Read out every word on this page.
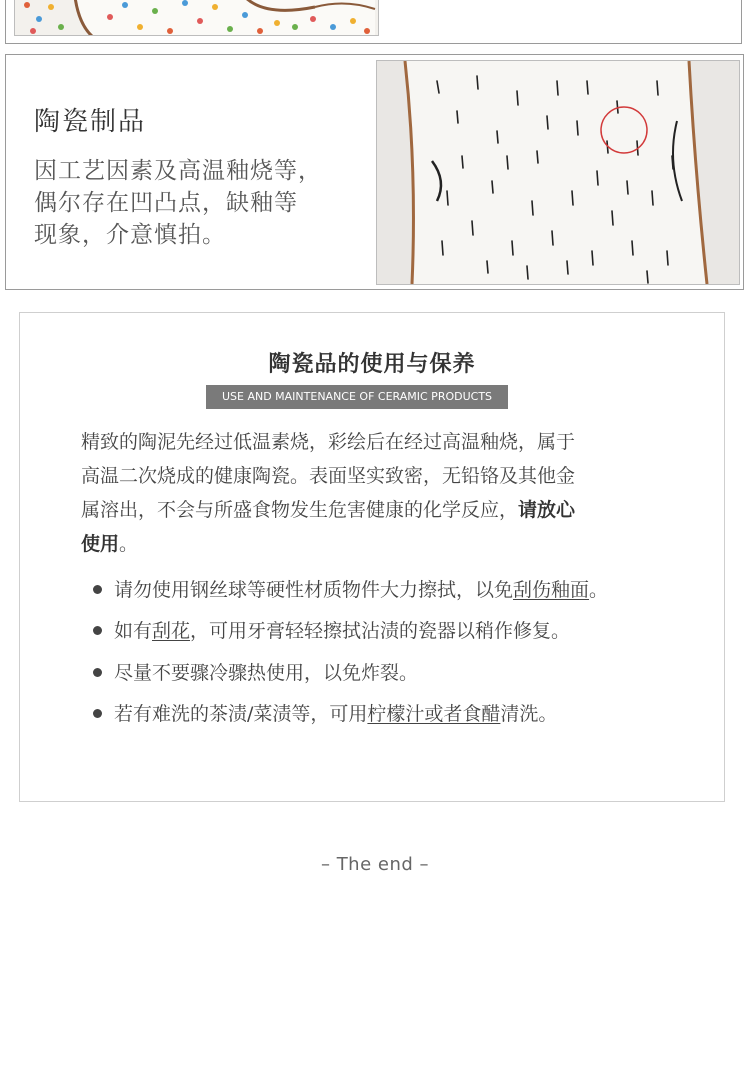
陶瓷制品
因工艺因素及高温釉烧等，
偶尔存在凹凸点，缺釉等
现象，介意慎拍。
陶瓷品的使用与保养
USE AND MAINTENANCE OF CERAMIC PRODUCTS
精致的陶泥先经过低温素烧，彩绘后在经过高温釉烧，属于
高温二次烧成的健康陶瓷。表面坚实致密，无铅铬及其他金
属溶出，不会与所盛食物发生危害健康的化学反应，请放心
使用。
请勿使用钢丝球等硬性材质物件大力擦拭，以免刮伤釉面。
如有刮花，可用牙膏轻轻擦拭沾渍的瓷器以稍作修复。
尽量不要骤冷骤热使用，以免炸裂。
若有难洗的茶渍/菜渍等，可用柠檬汁或者食醋清洗。
– The end –
